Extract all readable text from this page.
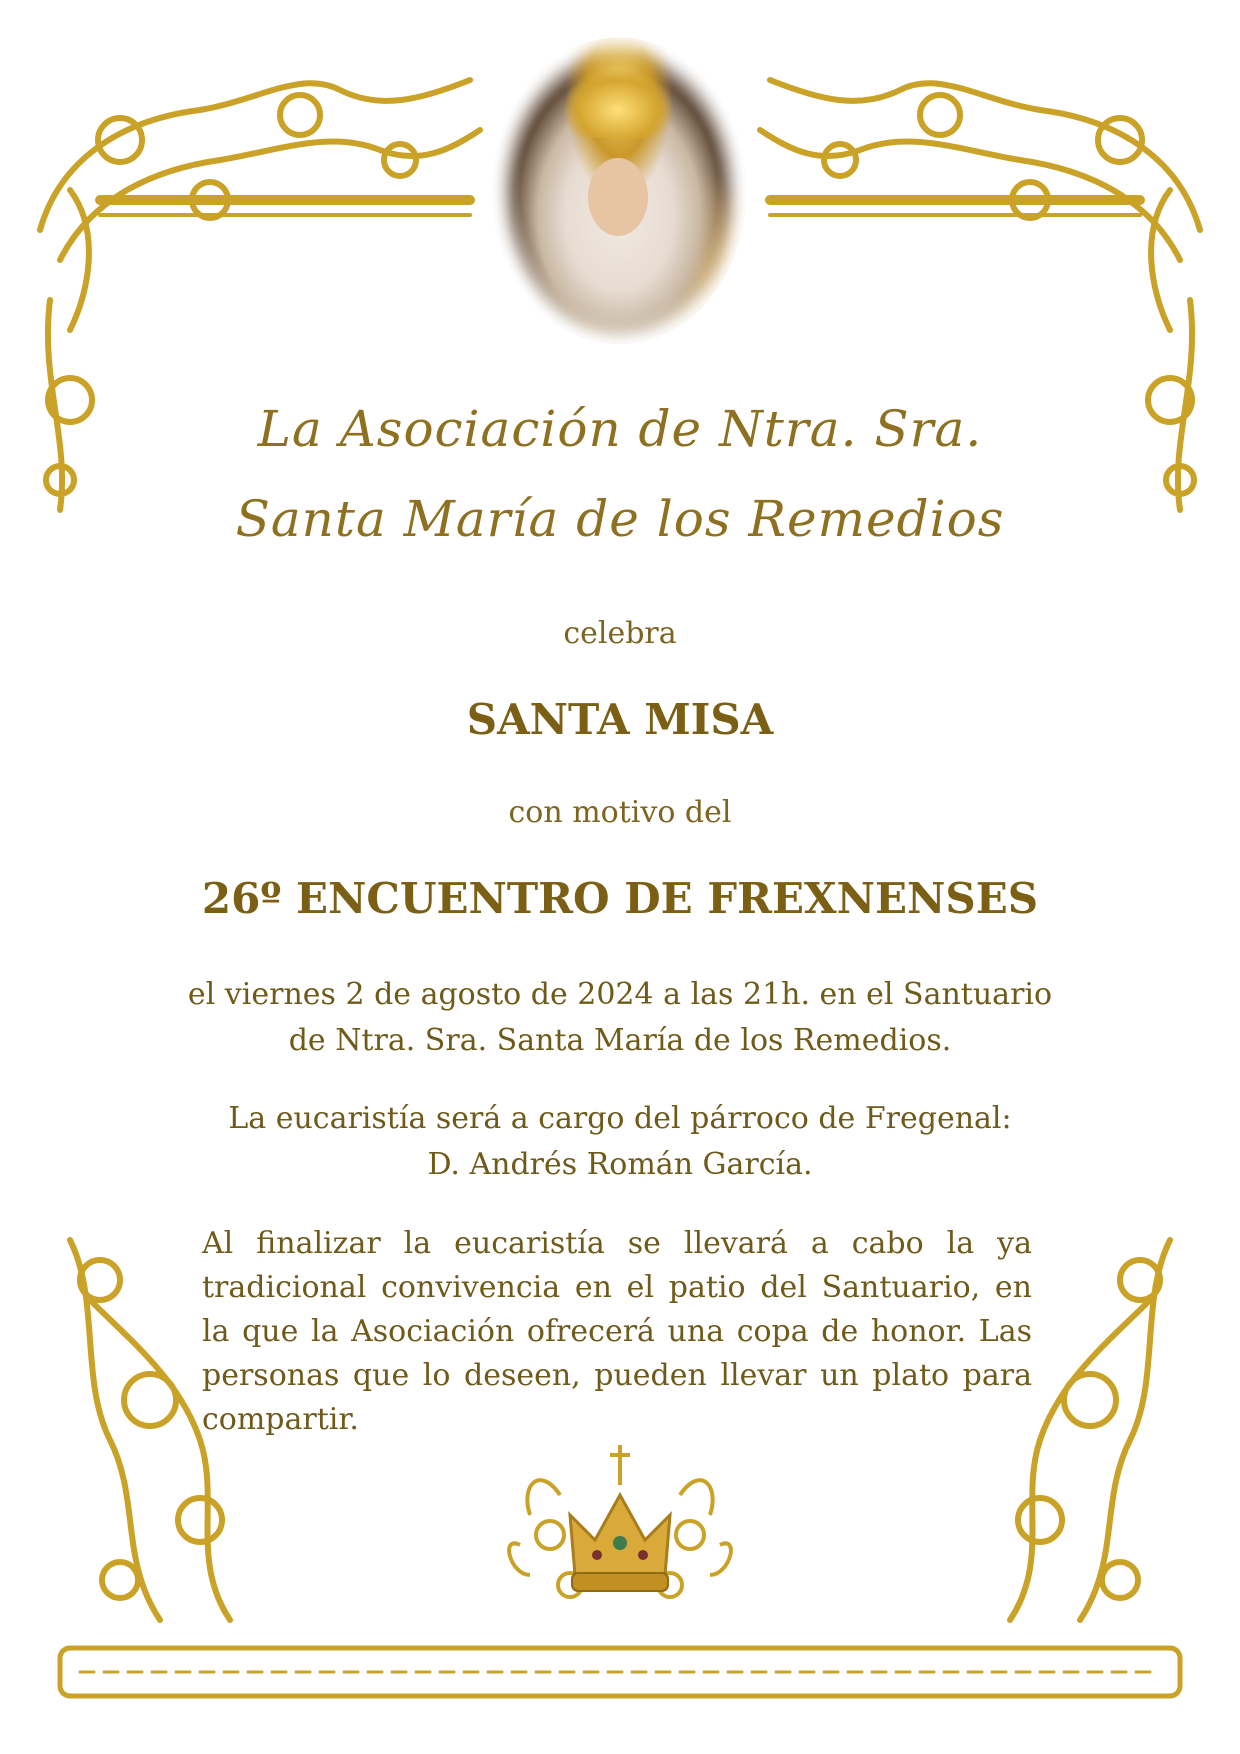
La Asociación de Ntra. Sra.
Santa María de los Remedios
celebra
SANTA MISA
con motivo del
26º ENCUENTRO DE FREXNENSES
el viernes 2 de agosto de 2024 a las 21h. en el Santuario
de Ntra. Sra. Santa María de los Remedios.
La eucaristía será a cargo del párroco de Fregenal:
D. Andrés Román García.
Al finalizar la eucaristía se llevará a cabo la ya tradicional convivencia en el patio del Santuario, en la que la Asociación ofrecerá una copa de honor. Las personas que lo deseen, pueden llevar un plato para compartir.
